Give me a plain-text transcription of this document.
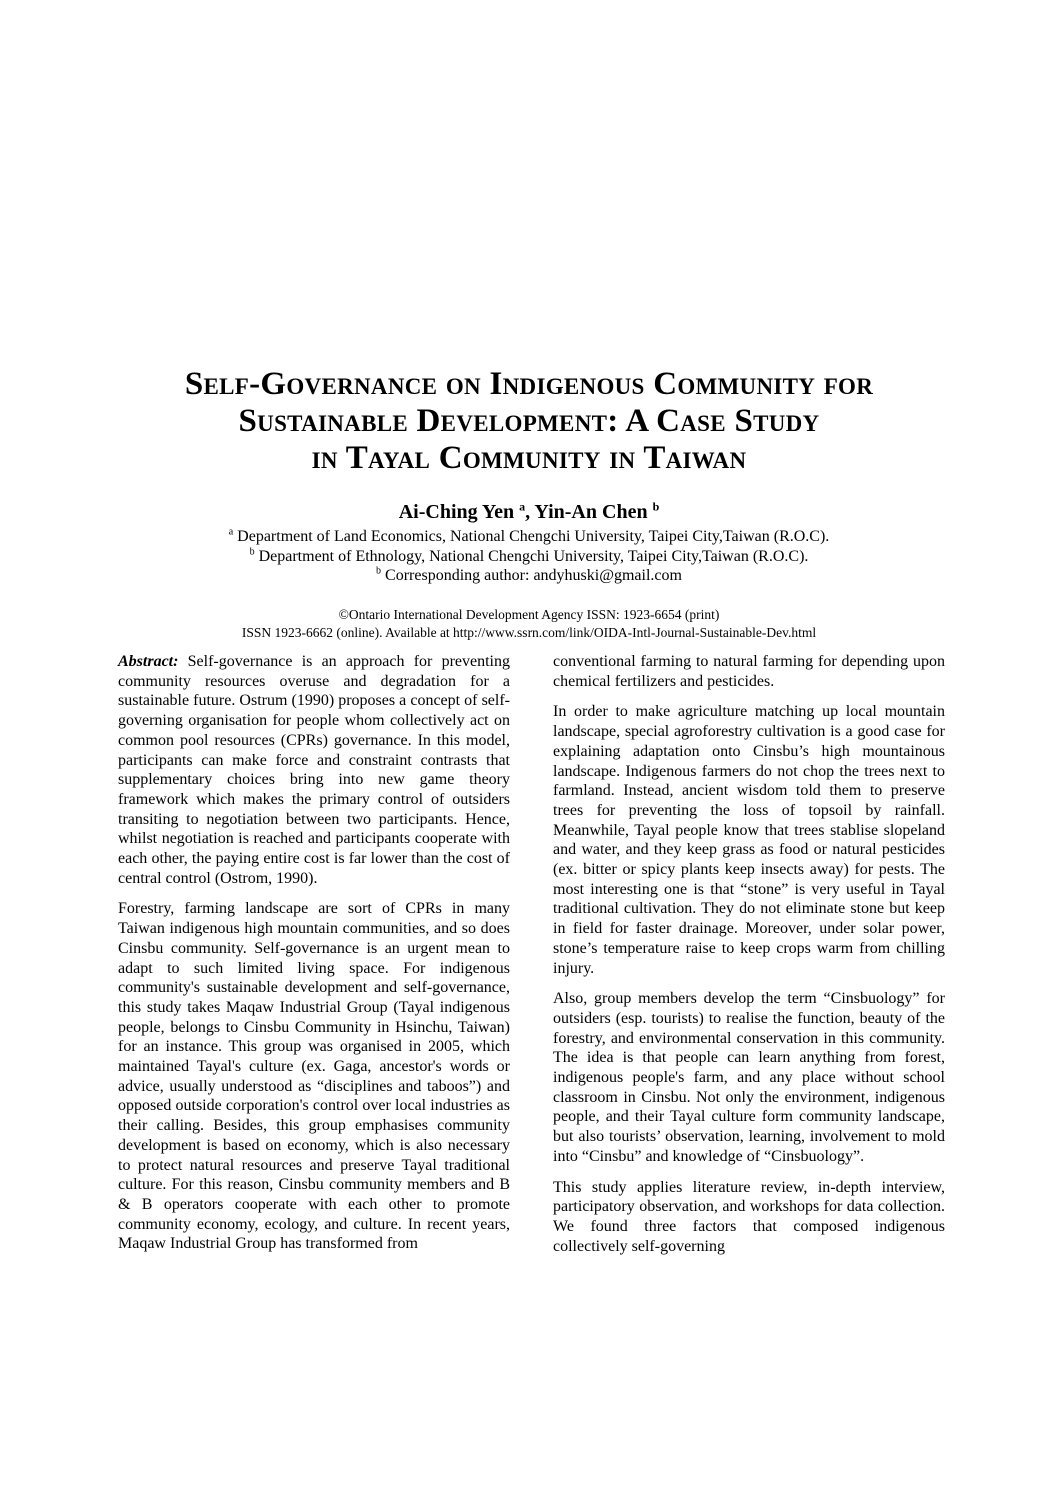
Self-Governance on Indigenous Community for
Sustainable Development: A Case Study
in Tayal Community in Taiwan
Ai-Ching Yen $^a$, Yin-An Chen $^b$
$^a$ Department of Land Economics, National Chengchi University, Taipei City,Taiwan (R.O.C).
$^b$ Department of Ethnology, National Chengchi University, Taipei City,Taiwan (R.O.C).
$^b$ Corresponding author: andyhuski@gmail.com
©Ontario International Development Agency ISSN: 1923-6654 (print)
ISSN 1923-6662 (online). Available at http://www.ssrn.com/link/OIDA-Intl-Journal-Sustainable-Dev.html

Abstract: Self-governance is an approach for preventing community resources overuse and degradation for a sustainable future. Ostrum (1990) proposes a concept of self-governing organisation for people whom collectively act on common pool resources (CPRs) governance. In this model, participants can make force and constraint contrasts that supplementary choices bring into new game theory framework which makes the primary control of outsiders transiting to negotiation between two participants. Hence, whilst negotiation is reached and participants cooperate with each other, the paying entire cost is far lower than the cost of central control (Ostrom, 1990).

Forestry, farming landscape are sort of CPRs in many Taiwan indigenous high mountain communities, and so does Cinsbu community. Self-governance is an urgent mean to adapt to such limited living space. For indigenous community's sustainable development and self-governance, this study takes Maqaw Industrial Group (Tayal indigenous people, belongs to Cinsbu Community in Hsinchu, Taiwan) for an instance. This group was organised in 2005, which maintained Tayal's culture (ex. Gaga, ancestor's words or advice, usually understood as “disciplines and taboos”) and opposed outside corporation's control over local industries as their calling. Besides, this group emphasises community development is based on economy, which is also necessary to protect natural resources and preserve Tayal traditional culture. For this reason, Cinsbu community members and B & B operators cooperate with each other to promote community economy, ecology, and culture. In recent years, Maqaw Industrial Group has transformed from

conventional farming to natural farming for depending upon chemical fertilizers and pesticides.

In order to make agriculture matching up local mountain landscape, special agroforestry cultivation is a good case for explaining adaptation onto Cinsbu’s high mountainous landscape. Indigenous farmers do not chop the trees next to farmland. Instead, ancient wisdom told them to preserve trees for preventing the loss of topsoil by rainfall. Meanwhile, Tayal people know that trees stablise slopeland and water, and they keep grass as food or natural pesticides (ex. bitter or spicy plants keep insects away) for pests. The most interesting one is that “stone” is very useful in Tayal traditional cultivation. They do not eliminate stone but keep in field for faster drainage. Moreover, under solar power, stone’s temperature raise to keep crops warm from chilling injury.

Also, group members develop the term “Cinsbuology” for outsiders (esp. tourists) to realise the function, beauty of the forestry, and environmental conservation in this community. The idea is that people can learn anything from forest, indigenous people's farm, and any place without school classroom in Cinsbu. Not only the environment, indigenous people, and their Tayal culture form community landscape, but also tourists’ observation, learning, involvement to mold into “Cinsbu” and knowledge of “Cinsbuology”.

This study applies literature review, in-depth interview, participatory observation, and workshops for data collection. We found three factors that composed indigenous collectively self-governing
